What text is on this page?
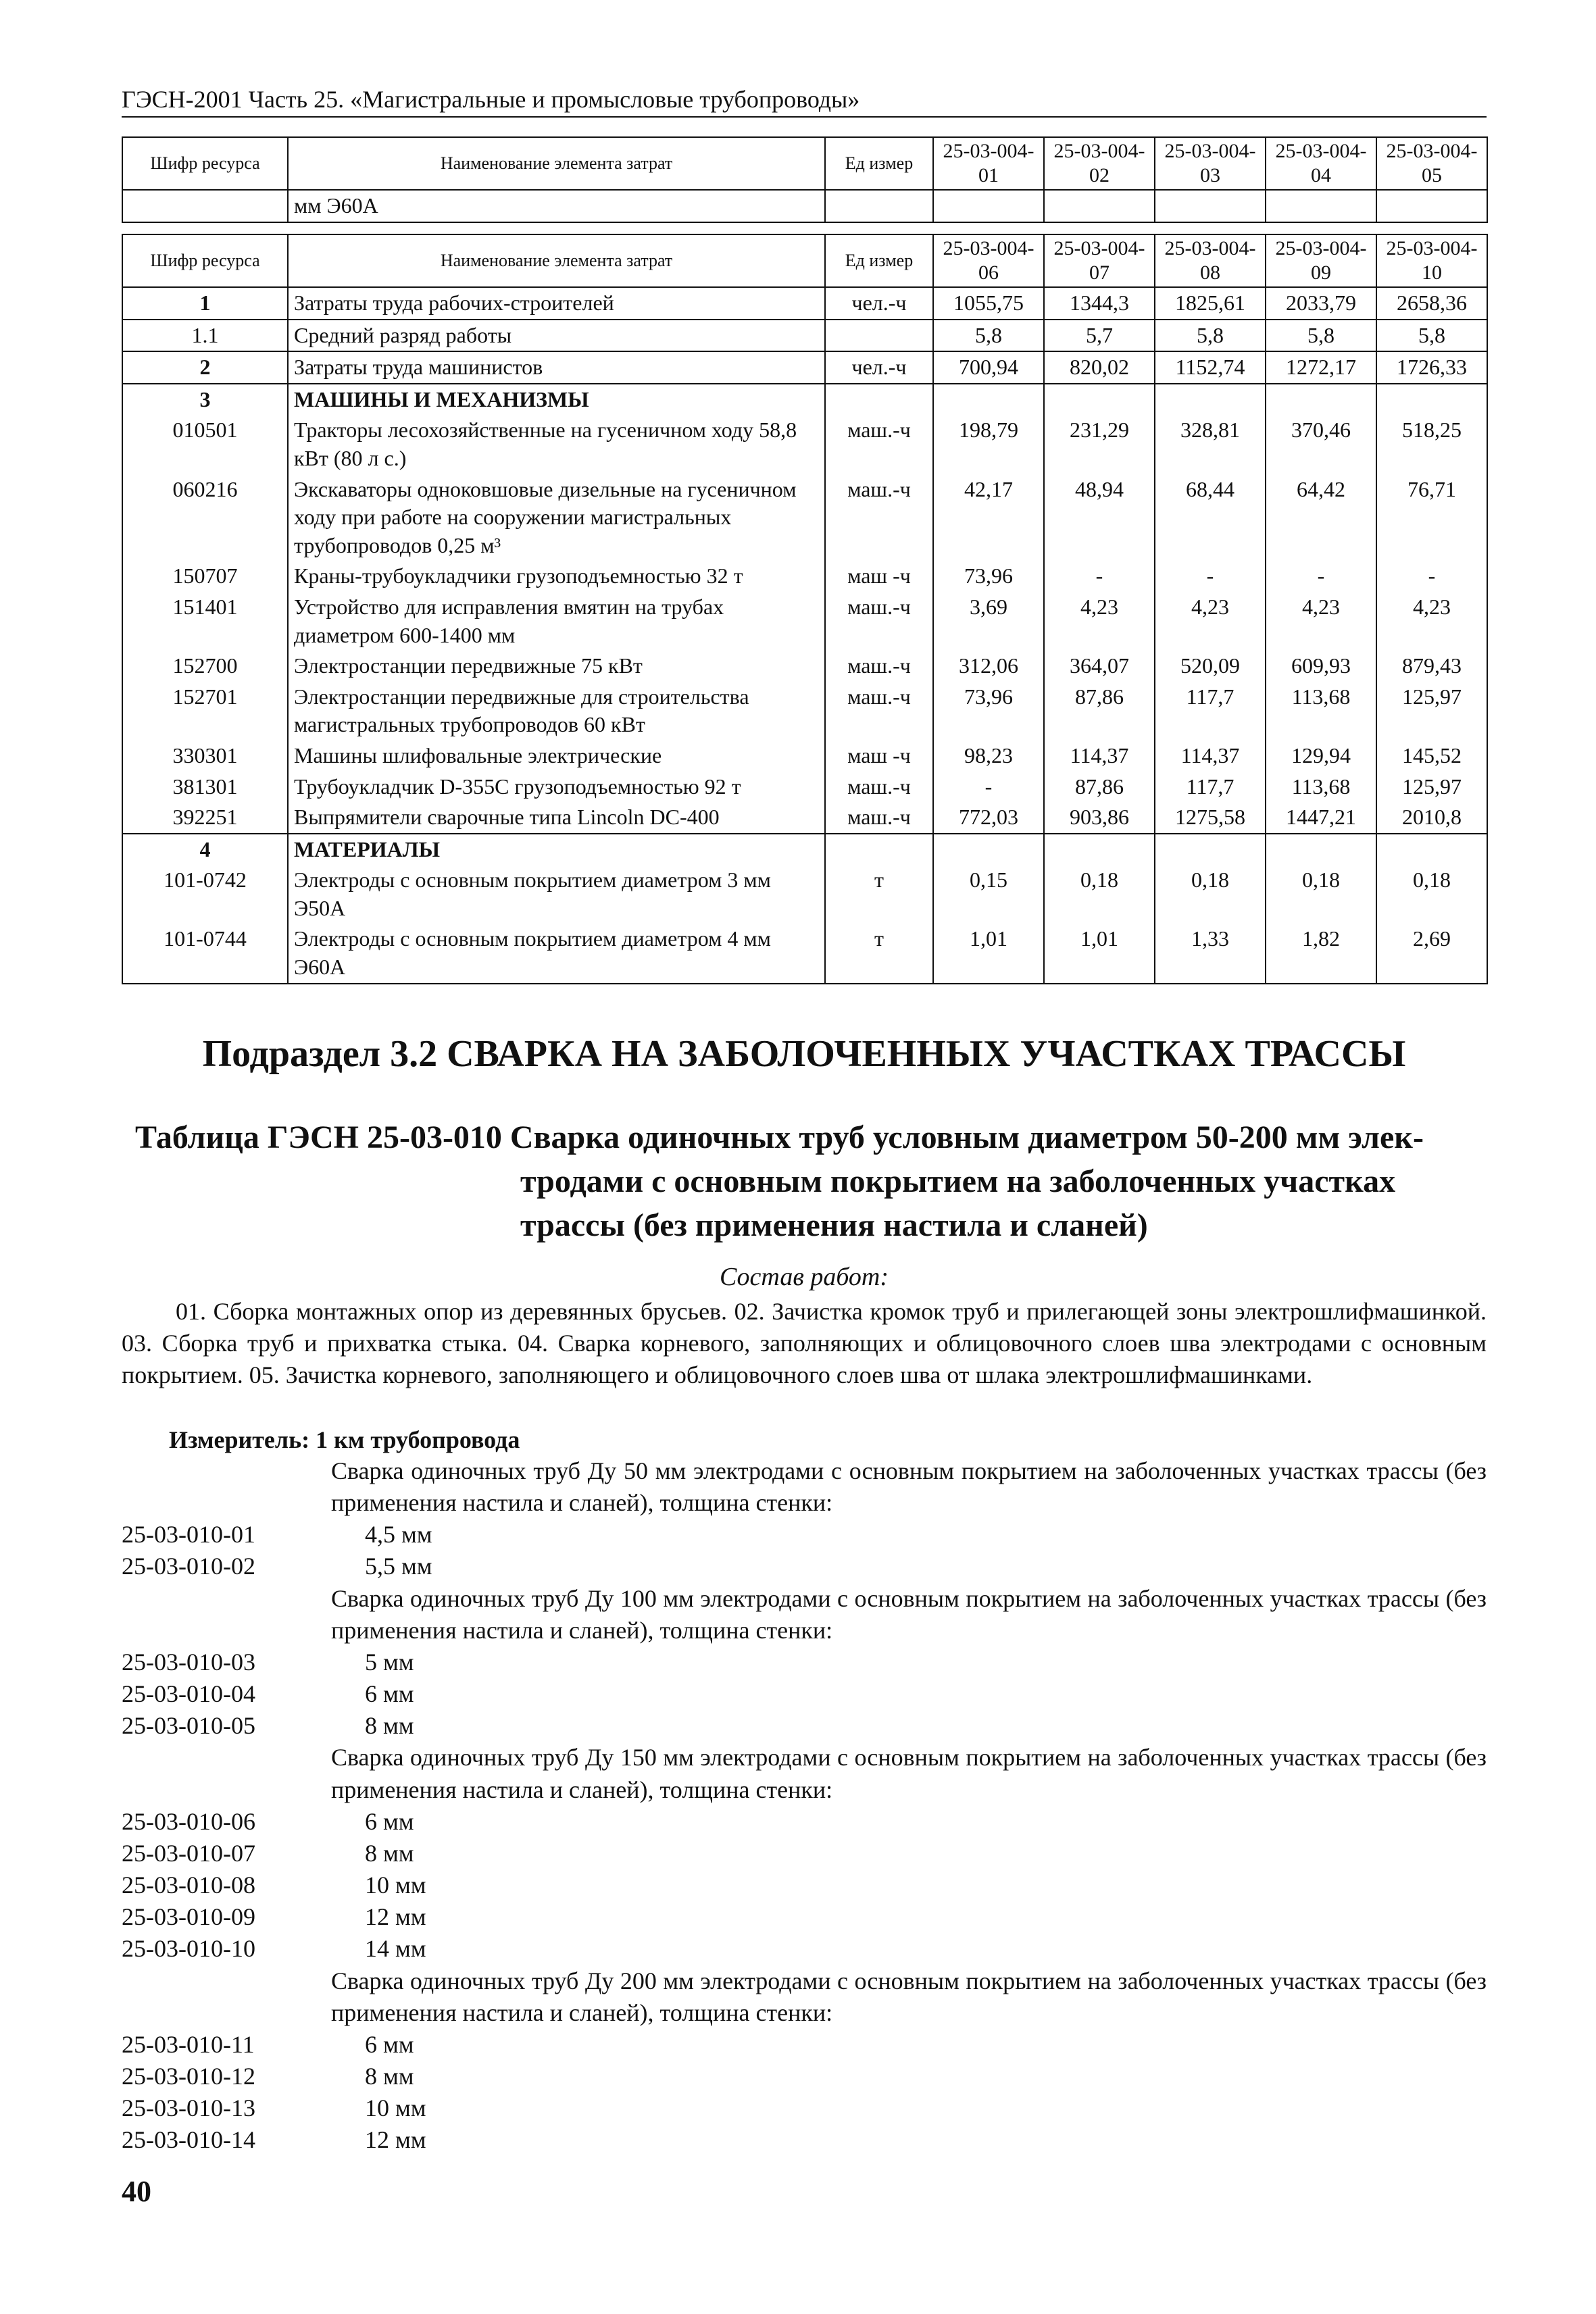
ГЭСН-2001 Часть 25. «Магистральные и промысловые трубопроводы»
Шифр ресурса	Наименование элемента затрат	Ед измер	25-03-004-01	25-03-004-02	25-03-004-03	25-03-004-04	25-03-004-05
	мм Э60А						
Шифр ресурса	Наименование элемента затрат	Ед измер	25-03-004-06	25-03-004-07	25-03-004-08	25-03-004-09	25-03-004-10
1	Затраты труда рабочих-строителей	чел.-ч	1055,75	1344,3	1825,61	2033,79	2658,36
1.1	Средний разряд работы		5,8	5,7	5,8	5,8	5,8
2	Затраты труда машинистов	чел.-ч	700,94	820,02	1152,74	1272,17	1726,33
3	МАШИНЫ И МЕХАНИЗМЫ						
010501	Тракторы лесохозяйственные на гусеничном ходу 58,8 кВт (80 л с.)	маш.-ч	198,79	231,29	328,81	370,46	518,25
060216	Экскаваторы одноковшовые дизельные на гусеничном ходу при работе на сооружении магистральных трубопроводов 0,25 м³	маш.-ч	42,17	48,94	68,44	64,42	76,71
150707	Краны-трубоукладчики грузоподъемностью 32 т	маш -ч	73,96	-	-	-	-
151401	Устройство для исправления вмятин на трубах диаметром 600-1400 мм	маш.-ч	3,69	4,23	4,23	4,23	4,23
152700	Электростанции передвижные 75 кВт	маш.-ч	312,06	364,07	520,09	609,93	879,43
152701	Электростанции передвижные для строительства магистральных трубопроводов 60 кВт	маш.-ч	73,96	87,86	117,7	113,68	125,97
330301	Машины шлифовальные электрические	маш -ч	98,23	114,37	114,37	129,94	145,52
381301	Трубоукладчик D-355С грузоподъемностью 92 т	маш.-ч	-	87,86	117,7	113,68	125,97
392251	Выпрямители сварочные типа Lincoln DC-400	маш.-ч	772,03	903,86	1275,58	1447,21	2010,8
4	МАТЕРИАЛЫ						
101-0742	Электроды с основным покрытием диаметром 3 мм Э50А	т	0,15	0,18	0,18	0,18	0,18
101-0744	Электроды с основным покрытием диаметром 4 мм Э60А	т	1,01	1,01	1,33	1,82	2,69
Подраздел 3.2 СВАРКА НА ЗАБОЛОЧЕННЫХ УЧАСТКАХ ТРАССЫ
Таблица ГЭСН 25-03-010 Сварка одиночных труб условным диаметром 50-200 мм элек-
тродами с основным покрытием на заболоченных участках
трассы (без применения настила и сланей)
Состав работ:
01. Сборка монтажных опор из деревянных брусьев. 02. Зачистка кромок труб и прилегающей зоны электрошлифмашинкой. 03. Сборка труб и прихватка стыка. 04. Сварка корневого, заполняющих и облицовочного слоев шва электродами с основным покрытием. 05. Зачистка корневого, заполняющего и облицовочного слоев шва от шлака электрошлифмашинками.
Измеритель: 1 км трубопровода
Сварка одиночных труб Ду 50 мм электродами с основным покрытием на заболоченных участках трассы (без применения настила и сланей), толщина стенки:
25-03-010-01	4,5 мм
25-03-010-02	5,5 мм
Сварка одиночных труб Ду 100 мм электродами с основным покрытием на заболоченных участках трассы (без применения настила и сланей), толщина стенки:
25-03-010-03	5 мм
25-03-010-04	6 мм
25-03-010-05	8 мм
Сварка одиночных труб Ду 150 мм электродами с основным покрытием на заболоченных участках трассы (без применения настила и сланей), толщина стенки:
25-03-010-06	6 мм
25-03-010-07	8 мм
25-03-010-08	10 мм
25-03-010-09	12 мм
25-03-010-10	14 мм
Сварка одиночных труб Ду 200 мм электродами с основным покрытием на заболоченных участках трассы (без применения настила и сланей), толщина стенки:
25-03-010-11	6 мм
25-03-010-12	8 мм
25-03-010-13	10 мм
25-03-010-14	12 мм
40
